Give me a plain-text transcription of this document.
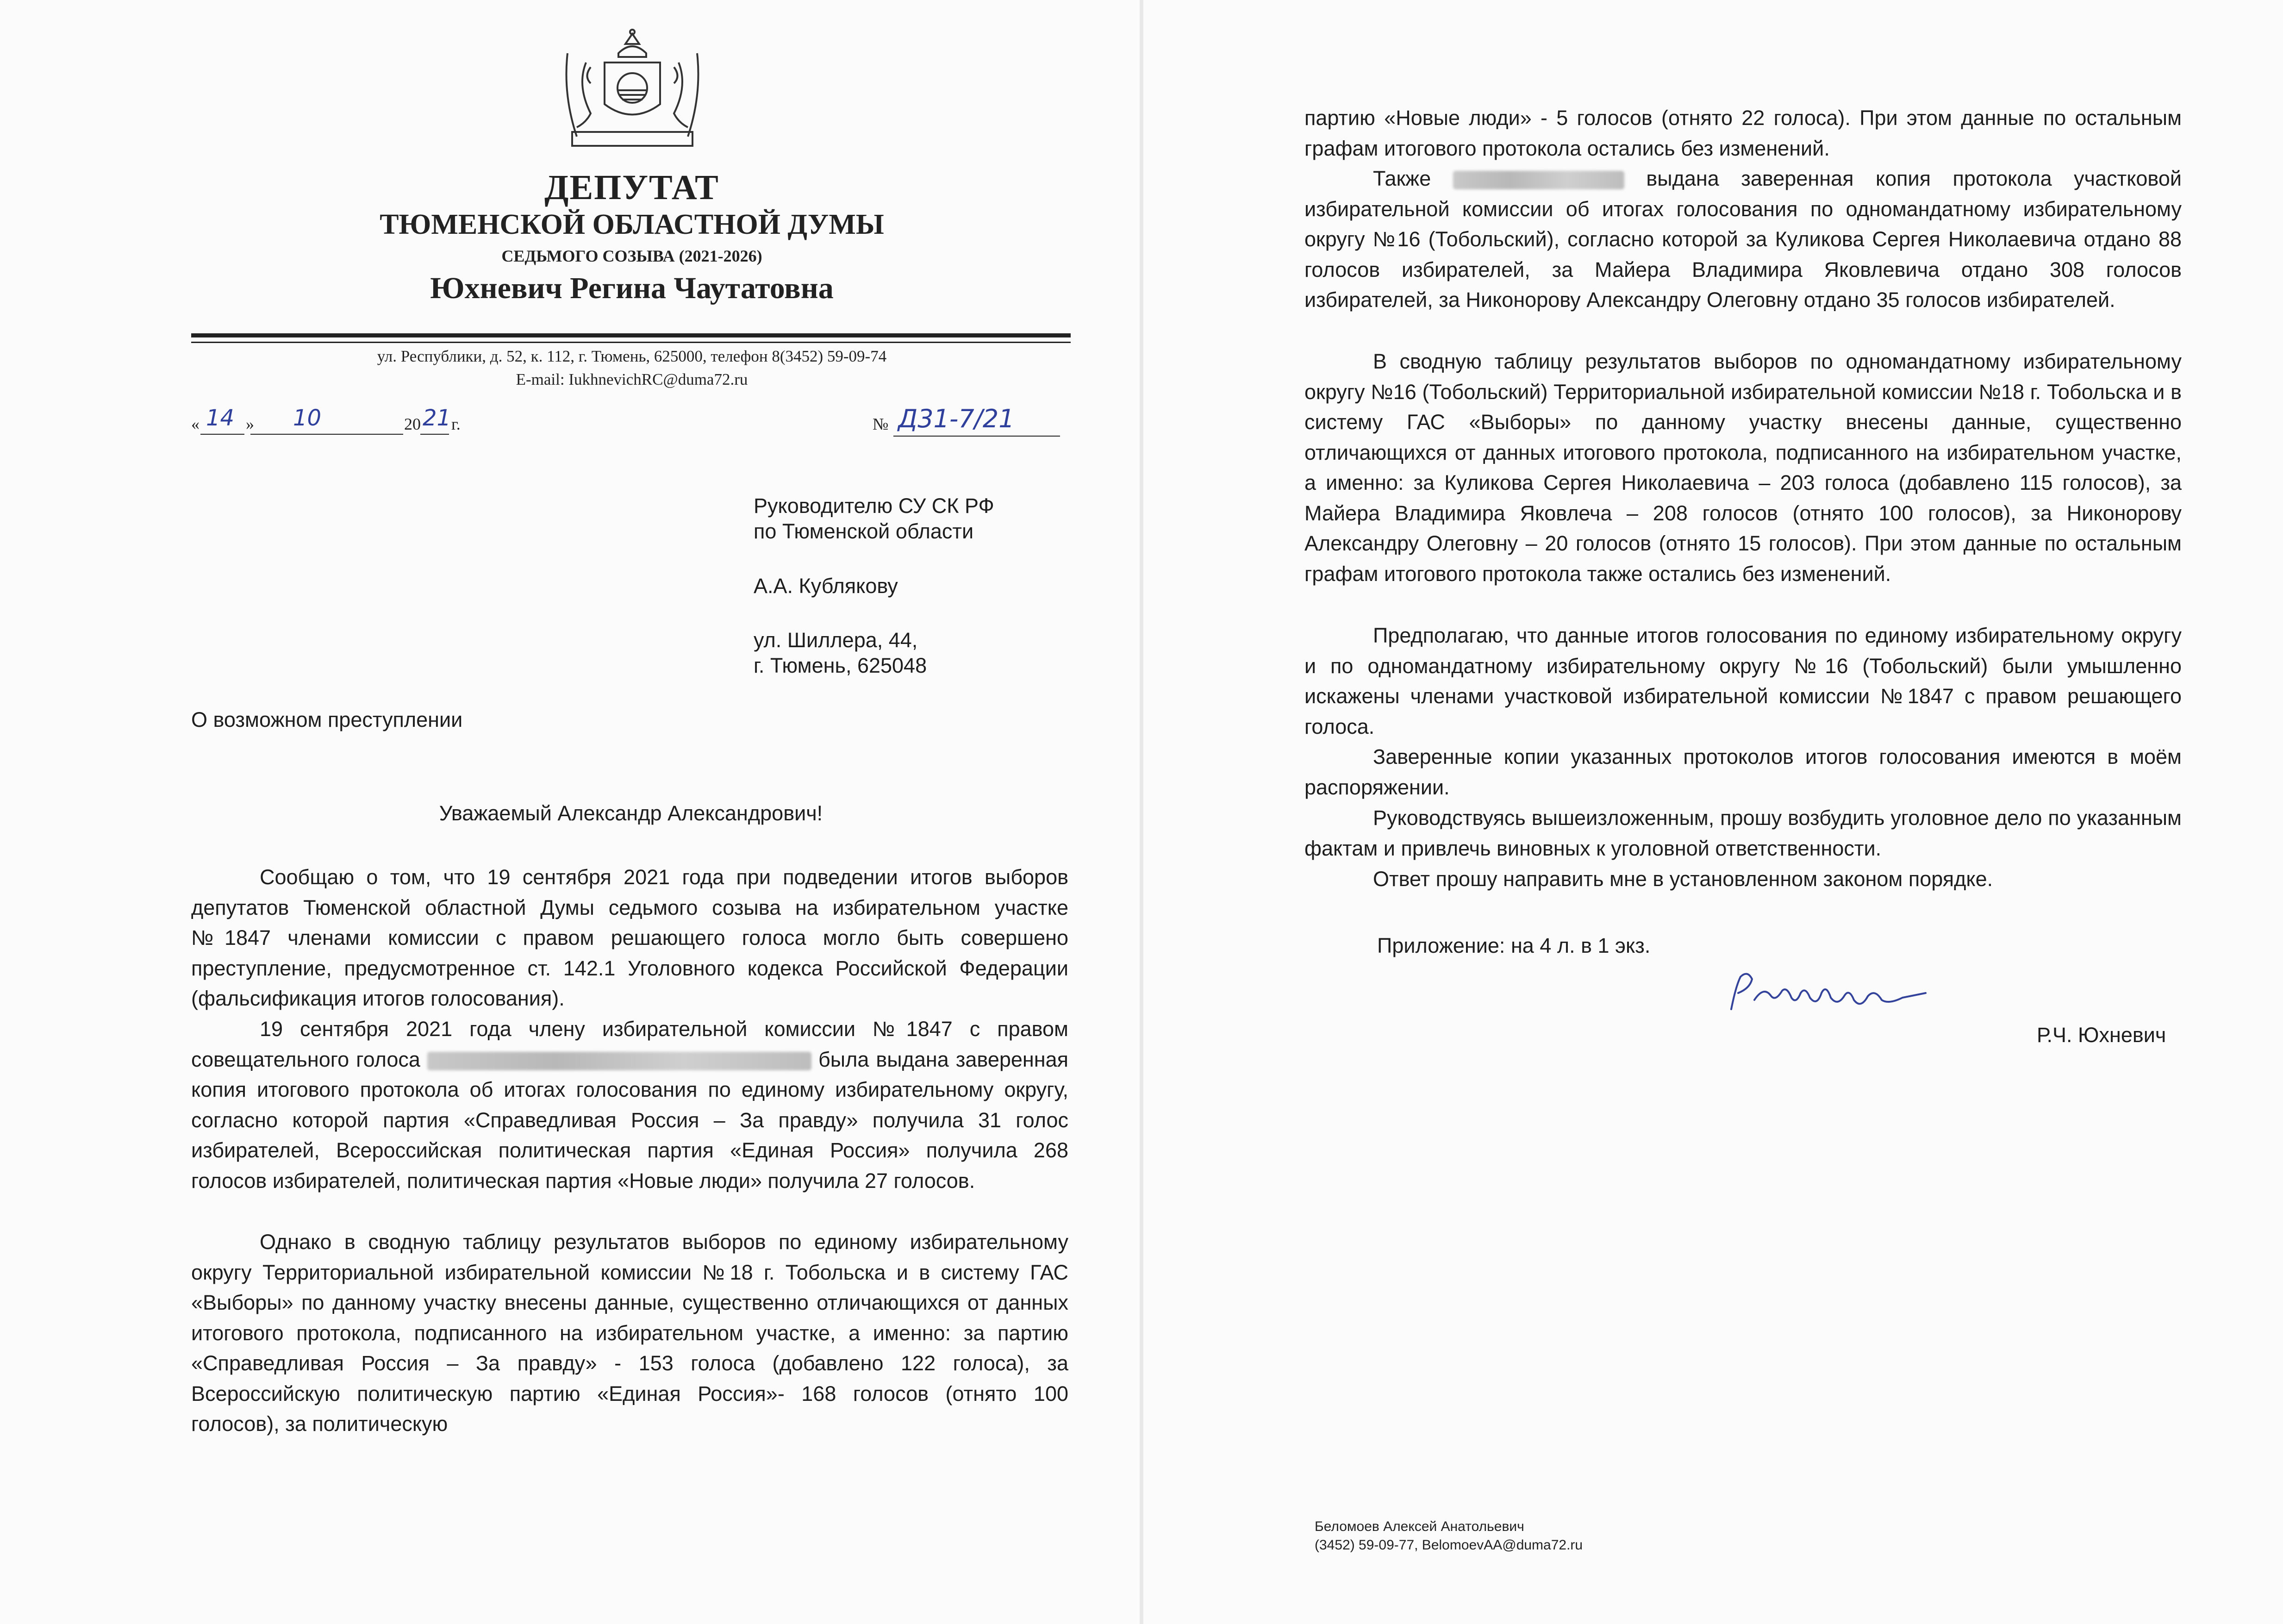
ДЕПУТАТ
ТЮМЕНСКОЙ ОБЛАСТНОЙ ДУМЫ
СЕДЬМОГО СОЗЫВА (2021-2026)
Юхневич Регина Чаутатовна
ул. Республики, д. 52, к. 112, г. Тюмень, 625000, телефон 8(3452) 59-09-74
E-mail: IukhnevichRC@duma72.ru
« 14 » 10	20 21 г.	№ Д31-7/21
Руководителю СУ СК РФ
по Тюменской области
А.А. Кублякову
ул. Шиллера, 44,
г. Тюмень, 625048
О возможном преступлении
Уважаемый Александр Александрович!
Сообщаю о том, что 19 сентября 2021 года при подведении итогов выборов депутатов Тюменской областной Думы седьмого созыва на избирательном участке №1847 членами комиссии с правом решающего голоса могло быть совершено преступление, предусмотренное ст. 142.1 Уголовного кодекса Российской Федерации (фальсификация итогов голосования).
19 сентября 2021 года члену избирательной комиссии №1847 с правом совещательного голоса	была выдана заверенная копия итогового протокола об итогах голосования по единому избирательному округу, согласно которой партия «Справедливая Россия – За правду» получила 31 голос избирателей, Всероссийская политическая партия «Единая Россия» получила 268 голосов избирателей, политическая партия «Новые люди» получила 27 голосов.
Однако в сводную таблицу результатов выборов по единому избирательному округу Территориальной избирательной комиссии №18 г. Тобольска и в систему ГАС «Выборы» по данному участку внесены данные, существенно отличающихся от данных итогового протокола, подписанного на избирательном участке, а именно: за партию «Справедливая Россия – За правду» - 153 голоса (добавлено 122 голоса), за Всероссийскую политическую партию «Единая Россия»- 168 голосов (отнято 100 голосов), за политическую
партию «Новые люди» - 5 голосов (отнято 22 голоса). При этом данные по остальным графам итогового протокола остались без изменений.
Также	выдана заверенная копия протокола участковой избирательной комиссии об итогах голосования по одномандатному избирательному округу №16 (Тобольский), согласно которой за Куликова Сергея Николаевича отдано 88 голосов избирателей, за Майера Владимира Яковлевича отдано 308 голосов избирателей, за Никонорову Александру Олеговну отдано 35 голосов избирателей.
В сводную таблицу результатов выборов по одномандатному избирательному округу №16 (Тобольский) Территориальной избирательной комиссии №18 г. Тобольска и в систему ГАС «Выборы» по данному участку внесены данные, существенно отличающихся от данных итогового протокола, подписанного на избирательном участке, а именно: за Куликова Сергея Николаевича – 203 голоса (добавлено 115 голосов), за Майера Владимира Яковлеча – 208 голосов (отнято 100 голосов), за Никонорову Александру Олеговну – 20 голосов (отнято 15 голосов). При этом данные по остальным графам итогового протокола также остались без изменений.
Предполагаю, что данные итогов голосования по единому избирательному округу и по одномандатному избирательному округу №16 (Тобольский) были умышленно искажены членами участковой избирательной комиссии №1847 с правом решающего голоса.
Заверенные копии указанных протоколов итогов голосования имеются в моём распоряжении.
Руководствуясь вышеизложенным, прошу возбудить уголовное дело по указанным фактам и привлечь виновных к уголовной ответственности.
Ответ прошу направить мне в установленном законом порядке.
Приложение: на 4 л. в 1 экз.
Р.Ч. Юхневич
Беломоев Алексей Анатольевич
(3452) 59-09-77, BelomoevAA@duma72.ru
